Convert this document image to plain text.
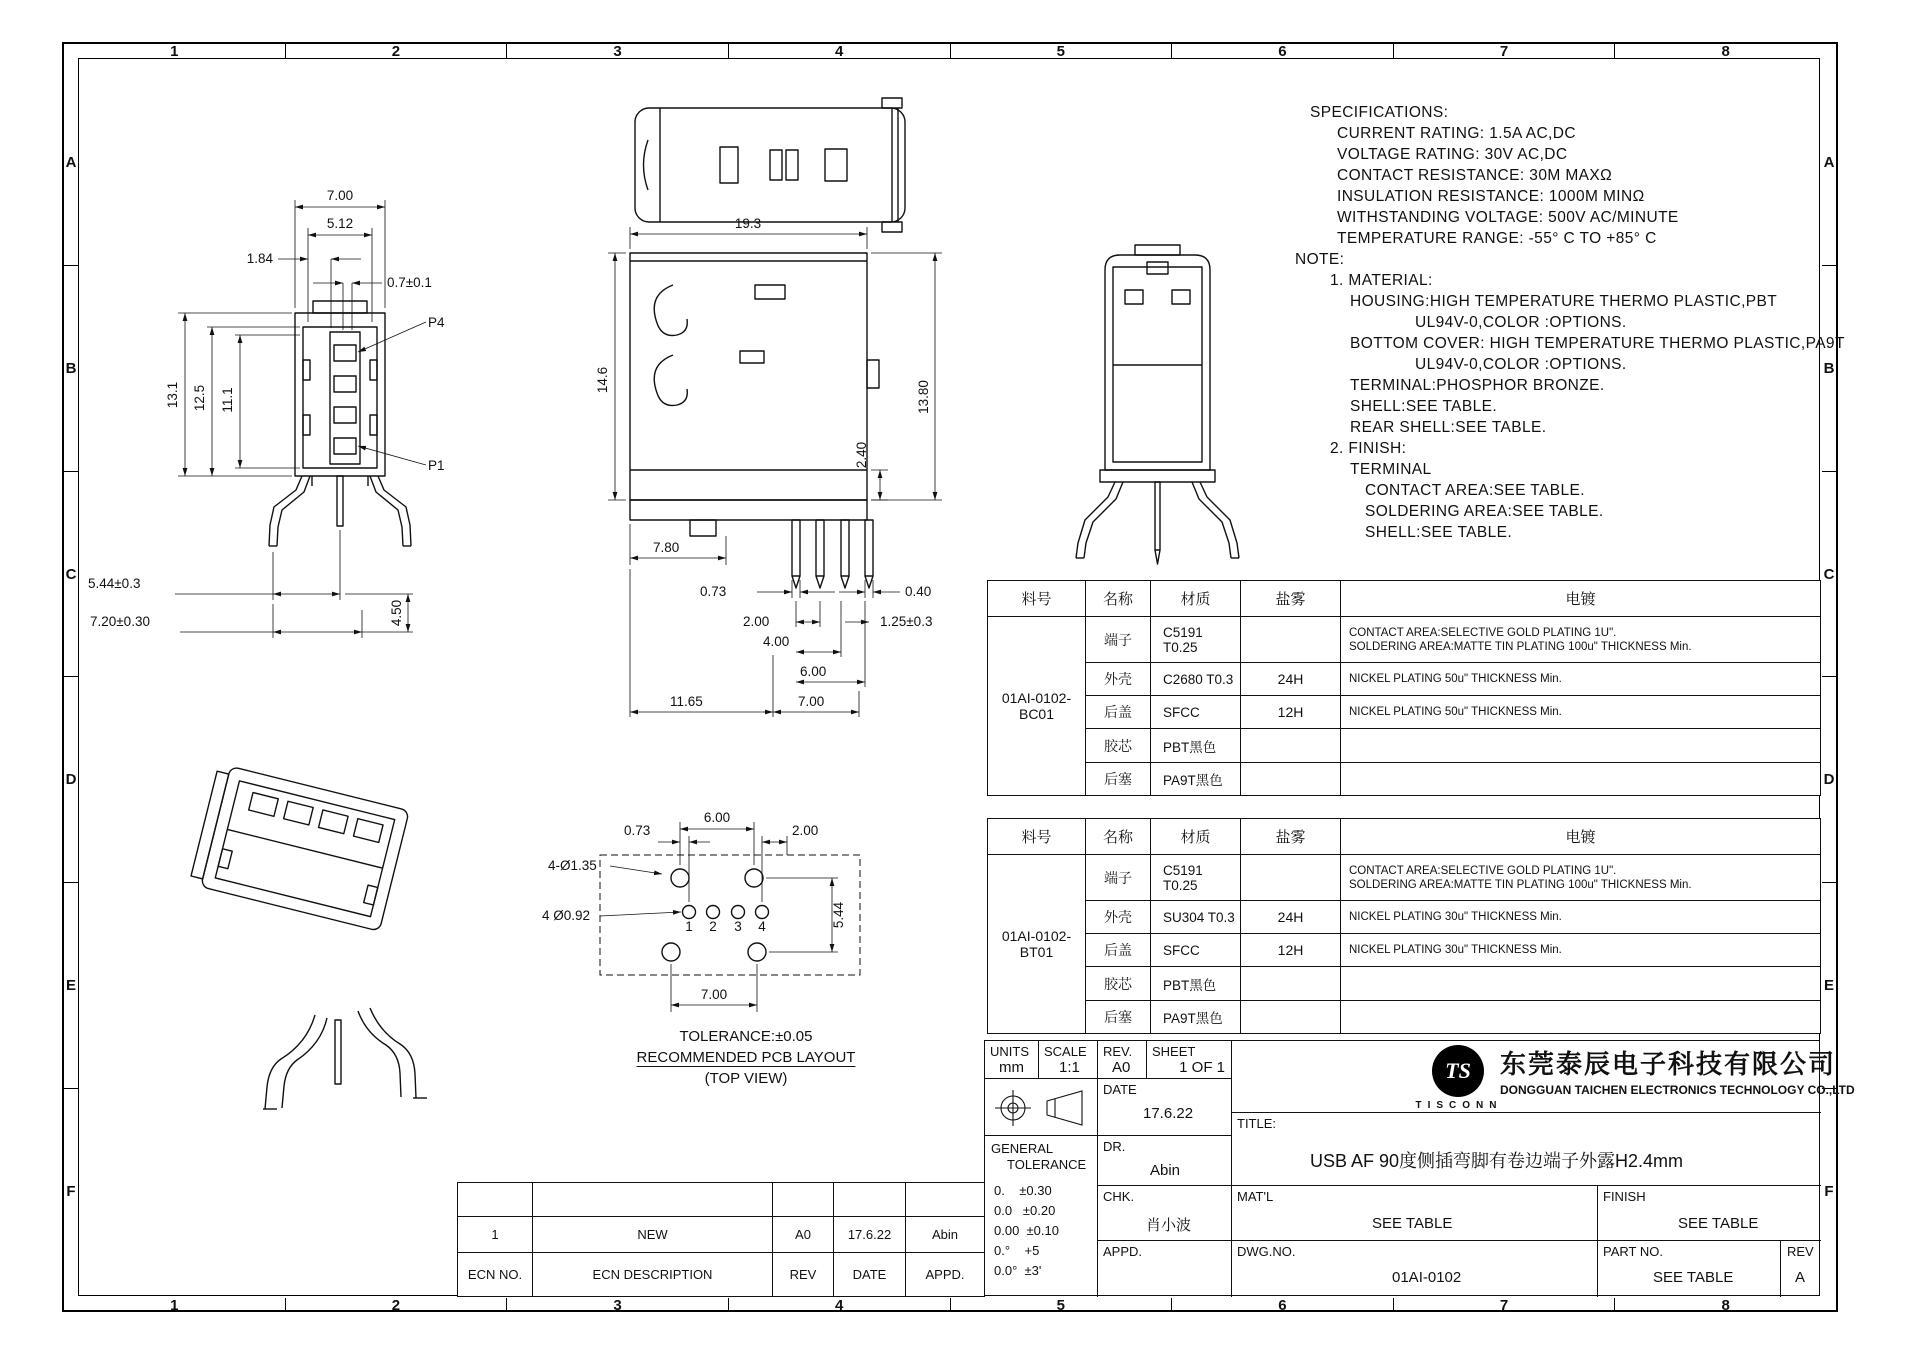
1	2	3	4	5	6	7	8
1	2	3	4	5	6	7	8
A
B
C
D
E
F
A
B
C
D
E
F
7.00
5.12
1.84
0.7±0.1
13.1 12.5 11.1
P4
P1
5.44±0.3
4.50
7.20±0.30
19.3
14.6
13.80
2.40
7.80
0.73	0.40
2.00	1.25±0.3
4.00
6.00
11.65	7.00
6.00
0.73	2.00
7.00
5.44
4-Ø1.35
4 Ø0.92
1 2 3 4
TOLERANCE:±0.05
RECOMMENDED PCB LAYOUT
(TOP VIEW)
SPECIFICATIONS:
CURRENT RATING: 1.5A AC,DC
VOLTAGE RATING: 30V AC,DC
CONTACT RESISTANCE: 30M MAXΩ
INSULATION RESISTANCE: 1000M MINΩ
WITHSTANDING VOLTAGE: 500V AC/MINUTE
TEMPERATURE RANGE: -55° C TO +85° C
NOTE:
1. MATERIAL:
HOUSING:HIGH TEMPERATURE THERMO PLASTIC,PBT
UL94V-0,COLOR :OPTIONS.
BOTTOM COVER: HIGH TEMPERATURE THERMO PLASTIC,PA9T
UL94V-0,COLOR :OPTIONS.
TERMINAL:PHOSPHOR BRONZE.
SHELL:SEE TABLE.
REAR SHELL:SEE TABLE.
2. FINISH:
TERMINAL
CONTACT AREA:SEE TABLE.
SOLDERING AREA:SEE TABLE.
SHELL:SEE TABLE.
料号	名称	材质	盐雾	电镀
01AI-0102-BC01	端子	C5191 T0.25		CONTACT AREA:SELECTIVE GOLD PLATING 1U".
SOLDERING AREA:MATTE TIN PLATING 100u" THICKNESS Min.

	外壳	C2680 T0.3	24H	NICKEL PLATING 50u" THICKNESS Min.

	后盖	SFCC	12H	NICKEL PLATING 50u" THICKNESS Min.

	胶芯	PBT黑色		
	后塞	PA9T黑色		
料号	名称	材质	盐雾	电镀
01AI-0102-BT01	端子	C5191 T0.25		CONTACT AREA:SELECTIVE GOLD PLATING 1U".
SOLDERING AREA:MATTE TIN PLATING 100u" THICKNESS Min.

	外壳	SU304 T0.3	24H	NICKEL PLATING 30u" THICKNESS Min.

	后盖	SFCC	12H	NICKEL PLATING 30u" THICKNESS Min.

	胶芯	PBT黑色		
	后塞	PA9T黑色		

1	NEW	A0	17.6.22	Abin
ECN NO.	ECN DESCRIPTION	REV	DATE	APPD.
UNITS
mm
SCALE
1:1
REV.
A0
SHEET
1 OF 1
DATE
17.6.22
GENERAL
TOLERANCE
0.    ±0.30
0.0   ±0.20
0.00  ±0.10
0.°    +5
0.0°  ±3'
DR.
Abin
CHK.
肖小波
APPD.
TS
TISCONN
东莞泰辰电子科技有限公司
DONGGUAN TAICHEN ELECTRONICS TECHNOLOGY CO.,LTD
TITLE:
USB AF 90度侧插弯脚有卷边端子外露H2.4mm
MAT'L
SEE TABLE
FINISH
SEE TABLE
DWG.NO.
01AI-0102
PART NO.
SEE TABLE
REV
A
